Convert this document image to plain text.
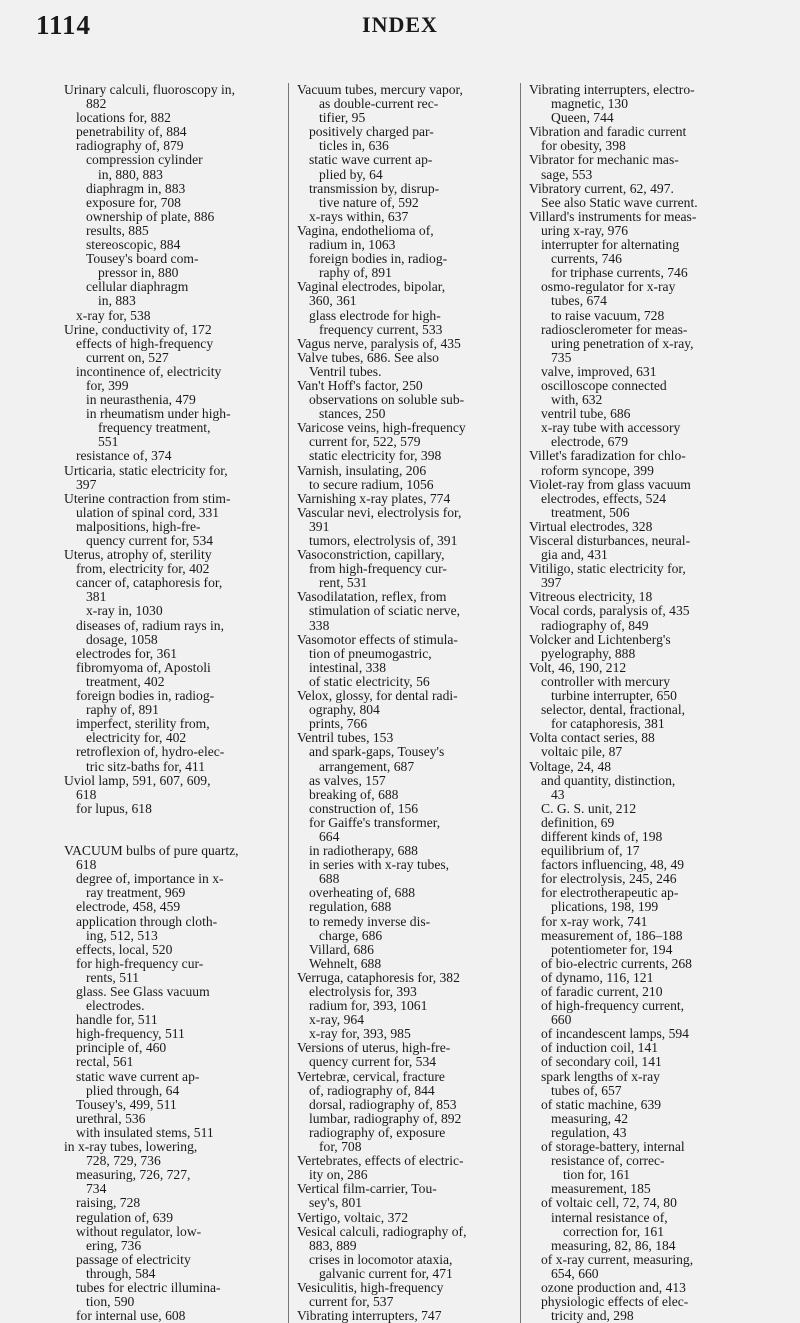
1114	INDEX
Urinary calculi, fluoroscopy in,
882
locations for, 882
penetrability of, 884
radiography of, 879
compression cylinder
in, 880, 883
diaphragm in, 883
exposure for, 708
ownership of plate, 886
results, 885
stereoscopic, 884
Tousey's board com-
pressor in, 880
cellular diaphragm
in, 883
x-ray for, 538
Urine, conductivity of, 172
effects of high-frequency
current on, 527
incontinence of, electricity
for, 399
in neurasthenia, 479
in rheumatism under high-
frequency treatment,
551
resistance of, 374
Urticaria, static electricity for,
397
Uterine contraction from stim-
ulation of spinal cord, 331
malpositions, high-fre-
quency current for, 534
Uterus, atrophy of, sterility
from, electricity for, 402
cancer of, cataphoresis for,
381
x-ray in, 1030
diseases of, radium rays in,
dosage, 1058
electrodes for, 361
fibromyoma of, Apostoli
treatment, 402
foreign bodies in, radiog-
raphy of, 891
imperfect, sterility from,
electricity for, 402
retroflexion of, hydro-elec-
tric sitz-baths for, 411
Uviol lamp, 591, 607, 609,
618
for lupus, 618
VACUUM bulbs of pure quartz,
618
degree of, importance in x-
ray treatment, 969
electrode, 458, 459
application through cloth-
ing, 512, 513
effects, local, 520
for high-frequency cur-
rents, 511
glass. See Glass vacuum
electrodes.
handle for, 511
high-frequency, 511
principle of, 460
rectal, 561
static wave current ap-
plied through, 64
Tousey's, 499, 511
urethral, 536
with insulated stems, 511
in x-ray tubes, lowering,
728, 729, 736
measuring, 726, 727,
734
raising, 728
regulation of, 639
without regulator, low-
ering, 736
passage of electricity
through, 584
tubes for electric illumina-
tion, 590
for internal use, 608
Vacuum tubes, mercury vapor,
as double-current rec-
tifier, 95
positively charged par-
ticles in, 636
static wave current ap-
plied by, 64
transmission by, disrup-
tive nature of, 592
x-rays within, 637
Vagina, endothelioma of,
radium in, 1063
foreign bodies in, radiog-
raphy of, 891
Vaginal electrodes, bipolar,
360, 361
glass electrode for high-
frequency current, 533
Vagus nerve, paralysis of, 435
Valve tubes, 686. See also
Ventril tubes.
Van't Hoff's factor, 250
observations on soluble sub-
stances, 250
Varicose veins, high-frequency
current for, 522, 579
static electricity for, 398
Varnish, insulating, 206
to secure radium, 1056
Varnishing x-ray plates, 774
Vascular nevi, electrolysis for,
391
tumors, electrolysis of, 391
Vasoconstriction, capillary,
from high-frequency cur-
rent, 531
Vasodilatation, reflex, from
stimulation of sciatic nerve,
338
Vasomotor effects of stimula-
tion of pneumogastric,
intestinal, 338
of static electricity, 56
Velox, glossy, for dental radi-
ography, 804
prints, 766
Ventril tubes, 153
and spark-gaps, Tousey's
arrangement, 687
as valves, 157
breaking of, 688
construction of, 156
for Gaiffe's transformer,
664
in radiotherapy, 688
in series with x-ray tubes,
688
overheating of, 688
regulation, 688
to remedy inverse dis-
charge, 686
Villard, 686
Wehnelt, 688
Verruga, cataphoresis for, 382
electrolysis for, 393
radium for, 393, 1061
x-ray, 964
x-ray for, 393, 985
Versions of uterus, high-fre-
quency current for, 534
Vertebræ, cervical, fracture
of, radiography of, 844
dorsal, radiography of, 853
lumbar, radiography of, 892
radiography of, exposure
for, 708
Vertebrates, effects of electric-
ity on, 286
Vertical film-carrier, Tou-
sey's, 801
Vertigo, voltaic, 372
Vesical calculi, radiography of,
883, 889
crises in locomotor ataxia,
galvanic current for, 471
Vesiculitis, high-frequency
current for, 537
Vibrating interrupters, 747
Vibrating interrupters, electro-
magnetic, 130
Queen, 744
Vibration and faradic current
for obesity, 398
Vibrator for mechanic mas-
sage, 553
Vibratory current, 62, 497.
See also Static wave current.
Villard's instruments for meas-
uring x-ray, 976
interrupter for alternating
currents, 746
for triphase currents, 746
osmo-regulator for x-ray
tubes, 674
to raise vacuum, 728
radiosclerometer for meas-
uring penetration of x-ray,
735
valve, improved, 631
oscilloscope connected
with, 632
ventril tube, 686
x-ray tube with accessory
electrode, 679
Villet's faradization for chlo-
roform syncope, 399
Violet-ray from glass vacuum
electrodes, effects, 524
treatment, 506
Virtual electrodes, 328
Visceral disturbances, neural-
gia and, 431
Vitiligo, static electricity for,
397
Vitreous electricity, 18
Vocal cords, paralysis of, 435
radiography of, 849
Volcker and Lichtenberg's
pyelography, 888
Volt, 46, 190, 212
controller with mercury
turbine interrupter, 650
selector, dental, fractional,
for cataphoresis, 381
Volta contact series, 88
voltaic pile, 87
Voltage, 24, 48
and quantity, distinction,
43
C. G. S. unit, 212
definition, 69
different kinds of, 198
equilibrium of, 17
factors influencing, 48, 49
for electrolysis, 245, 246
for electrotherapeutic ap-
plications, 198, 199
for x-ray work, 741
measurement of, 186–188
potentiometer for, 194
of bio-electric currents, 268
of dynamo, 116, 121
of faradic current, 210
of high-frequency current,
660
of incandescent lamps, 594
of induction coil, 141
of secondary coil, 141
spark lengths of x-ray
tubes of, 657
of static machine, 639
measuring, 42
regulation, 43
of storage-battery, internal
resistance of, correc-
tion for, 161
measurement, 185
of voltaic cell, 72, 74, 80
internal resistance of,
correction for, 161
measuring, 82, 86, 184
of x-ray current, measuring,
654, 660
ozone production and, 413
physiologic effects of elec-
tricity and, 298
